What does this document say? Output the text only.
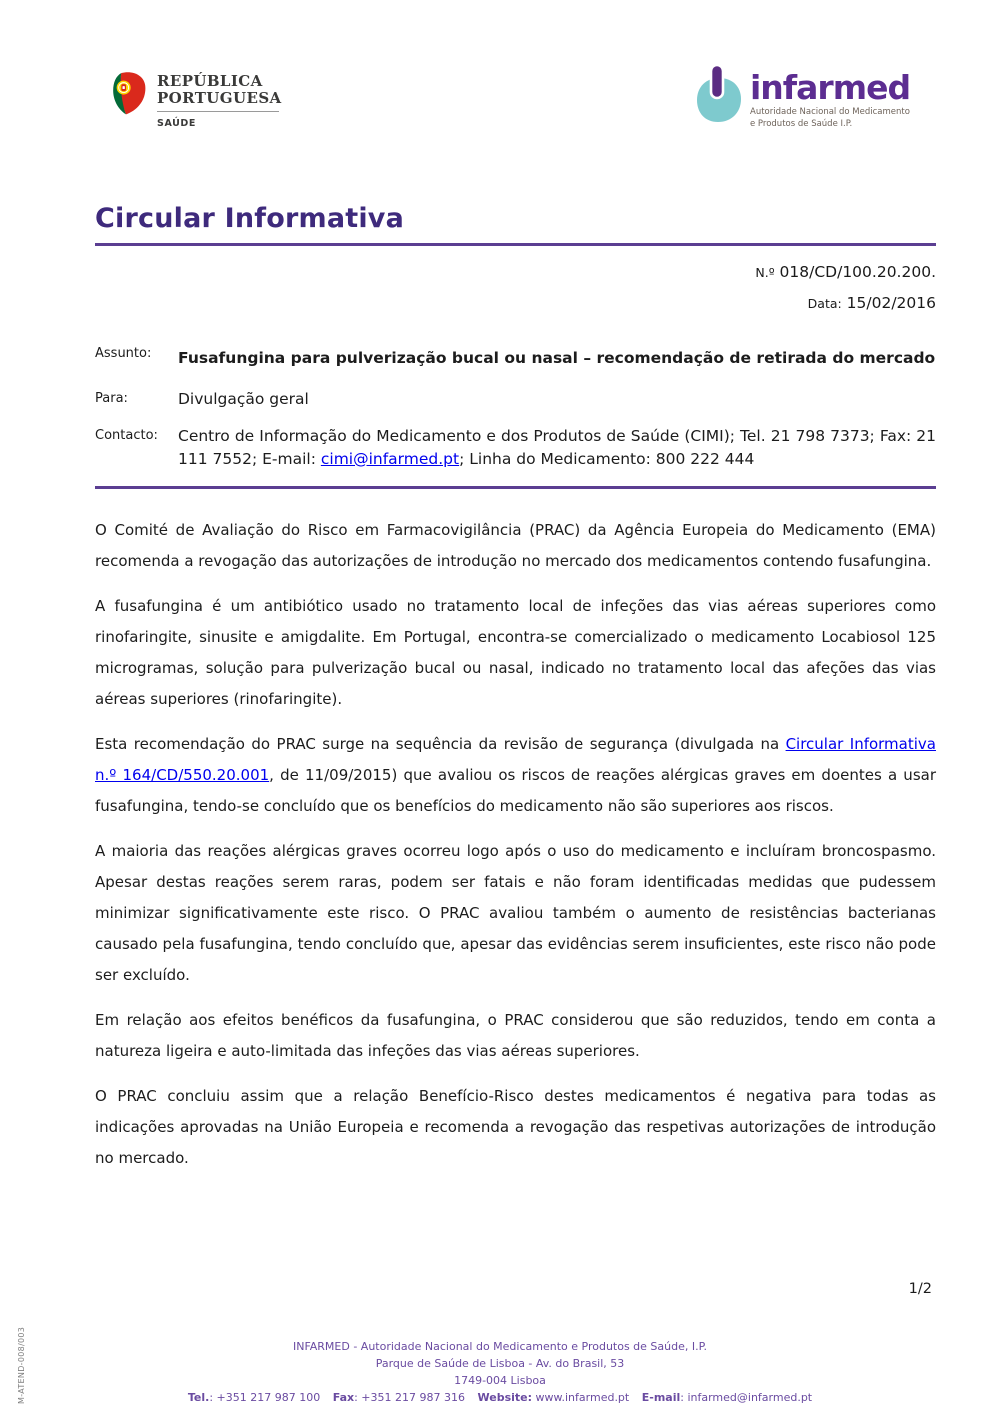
REPÚBLICA
PORTUGUESA
SAÚDE
infarmed
Autoridade Nacional do Medicamento
e Produtos de Saúde I.P.
Circular Informativa
N.º 018/CD/100.20.200.
Data: 15/02/2016
Assunto:	Fusafungina para pulverização bucal ou nasal – recomendação de retirada do mercado
Para:	Divulgação geral
Contacto:	Centro de Informação do Medicamento e dos Produtos de Saúde (CIMI); Tel. 21 798 7373; Fax: 21 111 7552; E-mail: cimi@infarmed.pt; Linha do Medicamento: 800 222 444

O Comité de Avaliação do Risco em Farmacovigilância (PRAC) da Agência Europeia do Medicamento (EMA) recomenda a revogação das autorizações de introdução no mercado dos medicamentos contendo fusafungina.

A fusafungina é um antibiótico usado no tratamento local de infeções das vias aéreas superiores como rinofaringite, sinusite e amigdalite. Em Portugal, encontra-se comercializado o medicamento Locabiosol 125 microgramas, solução para pulverização bucal ou nasal, indicado no tratamento local das afeções das vias aéreas superiores (rinofaringite).

Esta recomendação do PRAC surge na sequência da revisão de segurança (divulgada na Circular Informativa n.º 164/CD/550.20.001, de 11/09/2015) que avaliou os riscos de reações alérgicas graves em doentes a usar fusafungina, tendo-se concluído que os benefícios do medicamento não são superiores aos riscos.

A maioria das reações alérgicas graves ocorreu logo após o uso do medicamento e incluíram broncospasmo. Apesar destas reações serem raras, podem ser fatais e não foram identificadas medidas que pudessem minimizar significativamente este risco. O PRAC avaliou também o aumento de resistências bacterianas causado pela fusafungina, tendo concluído que, apesar das evidências serem insuficientes, este risco não pode ser excluído.

Em relação aos efeitos benéficos da fusafungina, o PRAC considerou que são reduzidos, tendo em conta a natureza ligeira e auto-limitada das infeções das vias aéreas superiores.

O PRAC concluiu assim que a relação Benefício-Risco destes medicamentos é negativa para todas as indicações aprovadas na União Europeia e recomenda a revogação das respetivas autorizações de introdução no mercado.

1/2
M-ATEND-008/003	INFARMED - Autoridade Nacional do Medicamento e Produtos de Saúde, I.P.
Parque de Saúde de Lisboa - Av. do Brasil, 53
1749-004 Lisboa
Tel.: +351 217 987 100 Fax: +351 217 987 316 Website: www.infarmed.pt E-mail: infarmed@infarmed.pt
